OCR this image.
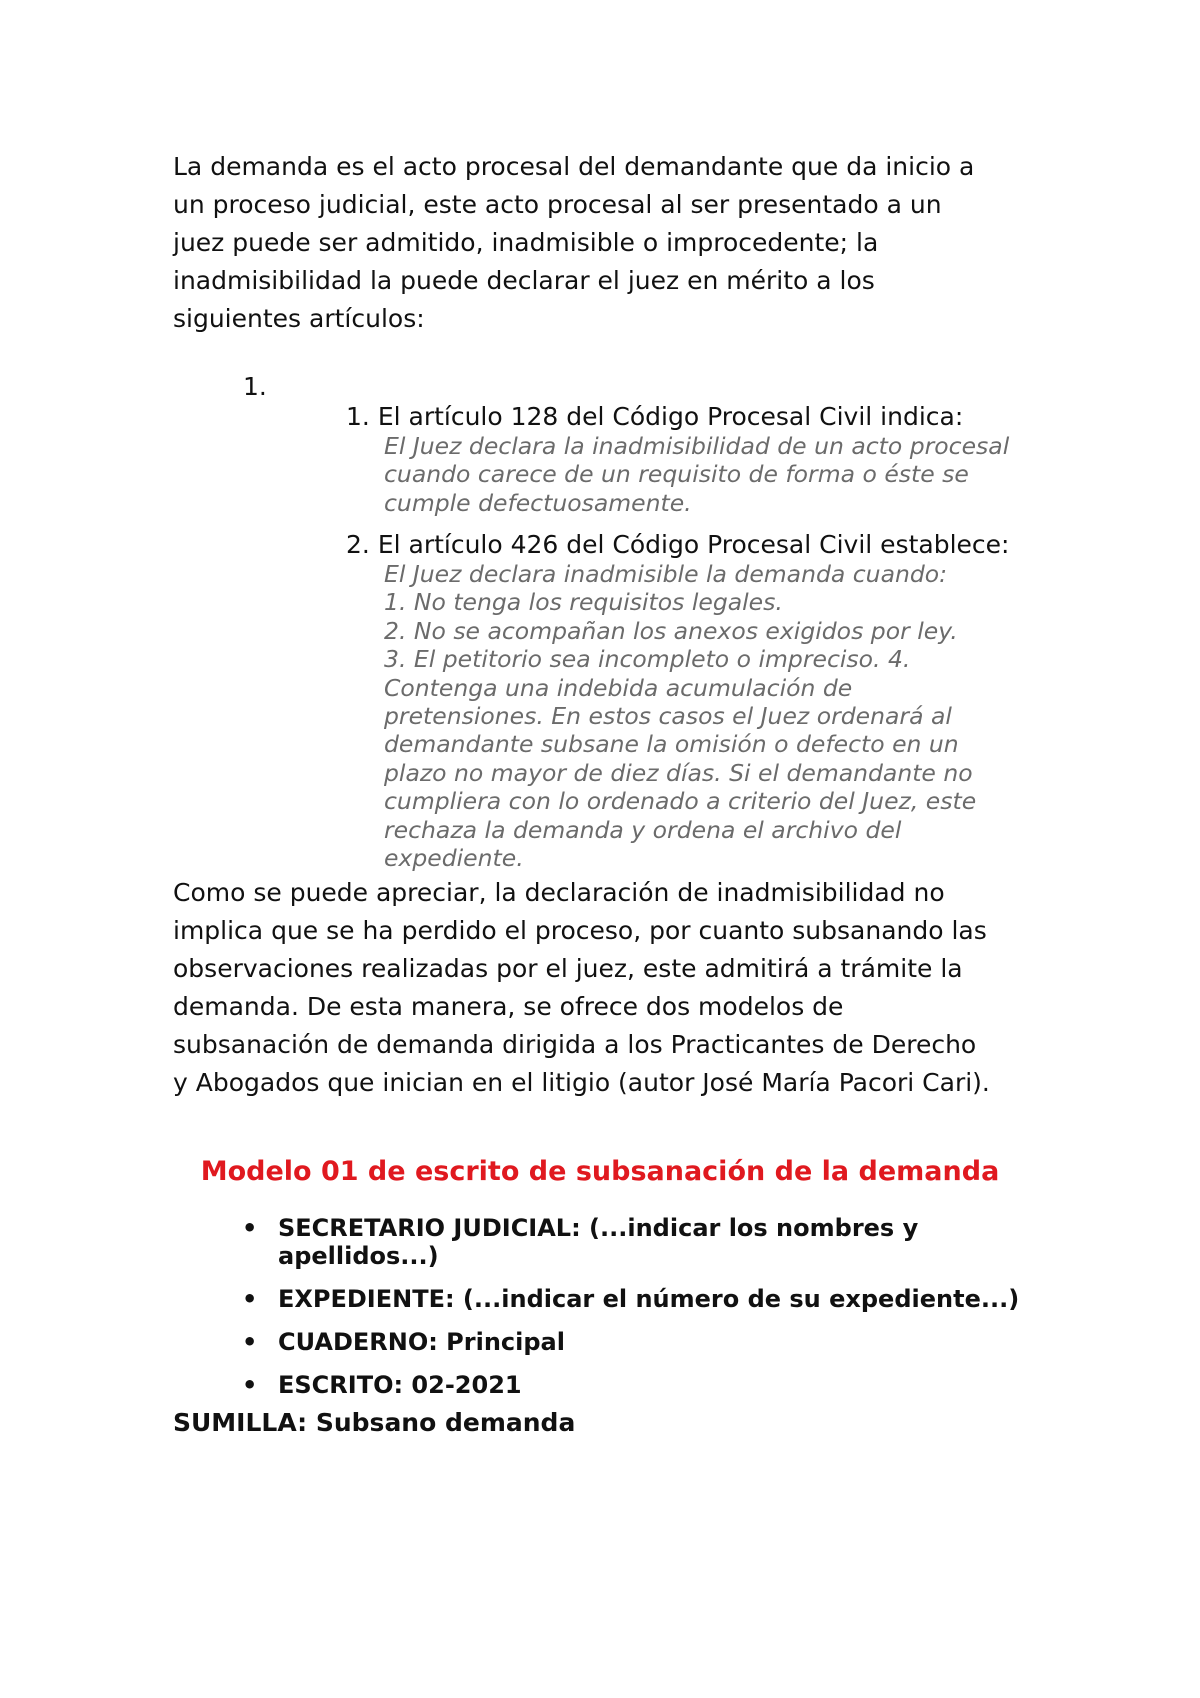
La demanda es el acto procesal del demandante que da inicio a
un proceso judicial, este acto procesal al ser presentado a un
juez puede ser admitido, inadmisible o improcedente; la
inadmisibilidad la puede declarar el juez en mérito a los
siguientes artículos:

1.
1. El artículo 128 del Código Procesal Civil indica:
El Juez declara la inadmisibilidad de un acto procesal
cuando carece de un requisito de forma o éste se
cumple defectuosamente.
2. El artículo 426 del Código Procesal Civil establece:
El Juez declara inadmisible la demanda cuando:
1. No tenga los requisitos legales.
2. No se acompañan los anexos exigidos por ley.
3. El petitorio sea incompleto o impreciso. 4.
Contenga una indebida acumulación de
pretensiones. En estos casos el Juez ordenará al
demandante subsane la omisión o defecto en un
plazo no mayor de diez días. Si el demandante no
cumpliera con lo ordenado a criterio del Juez, este
rechaza la demanda y ordena el archivo del
expediente.

Como se puede apreciar, la declaración de inadmisibilidad no
implica que se ha perdido el proceso, por cuanto subsanando las
observaciones realizadas por el juez, este admitirá a trámite la
demanda. De esta manera, se ofrece dos modelos de
subsanación de demanda dirigida a los Practicantes de Derecho
y Abogados que inician en el litigio (autor José María Pacori Cari).

Modelo 01 de escrito de subsanación de la demanda
• SECRETARIO JUDICIAL: (...indicar los nombres y
apellidos...)
• EXPEDIENTE: (...indicar el número de su expediente...)
• CUADERNO: Principal
• ESCRITO: 02-2021
SUMILLA: Subsano demanda
